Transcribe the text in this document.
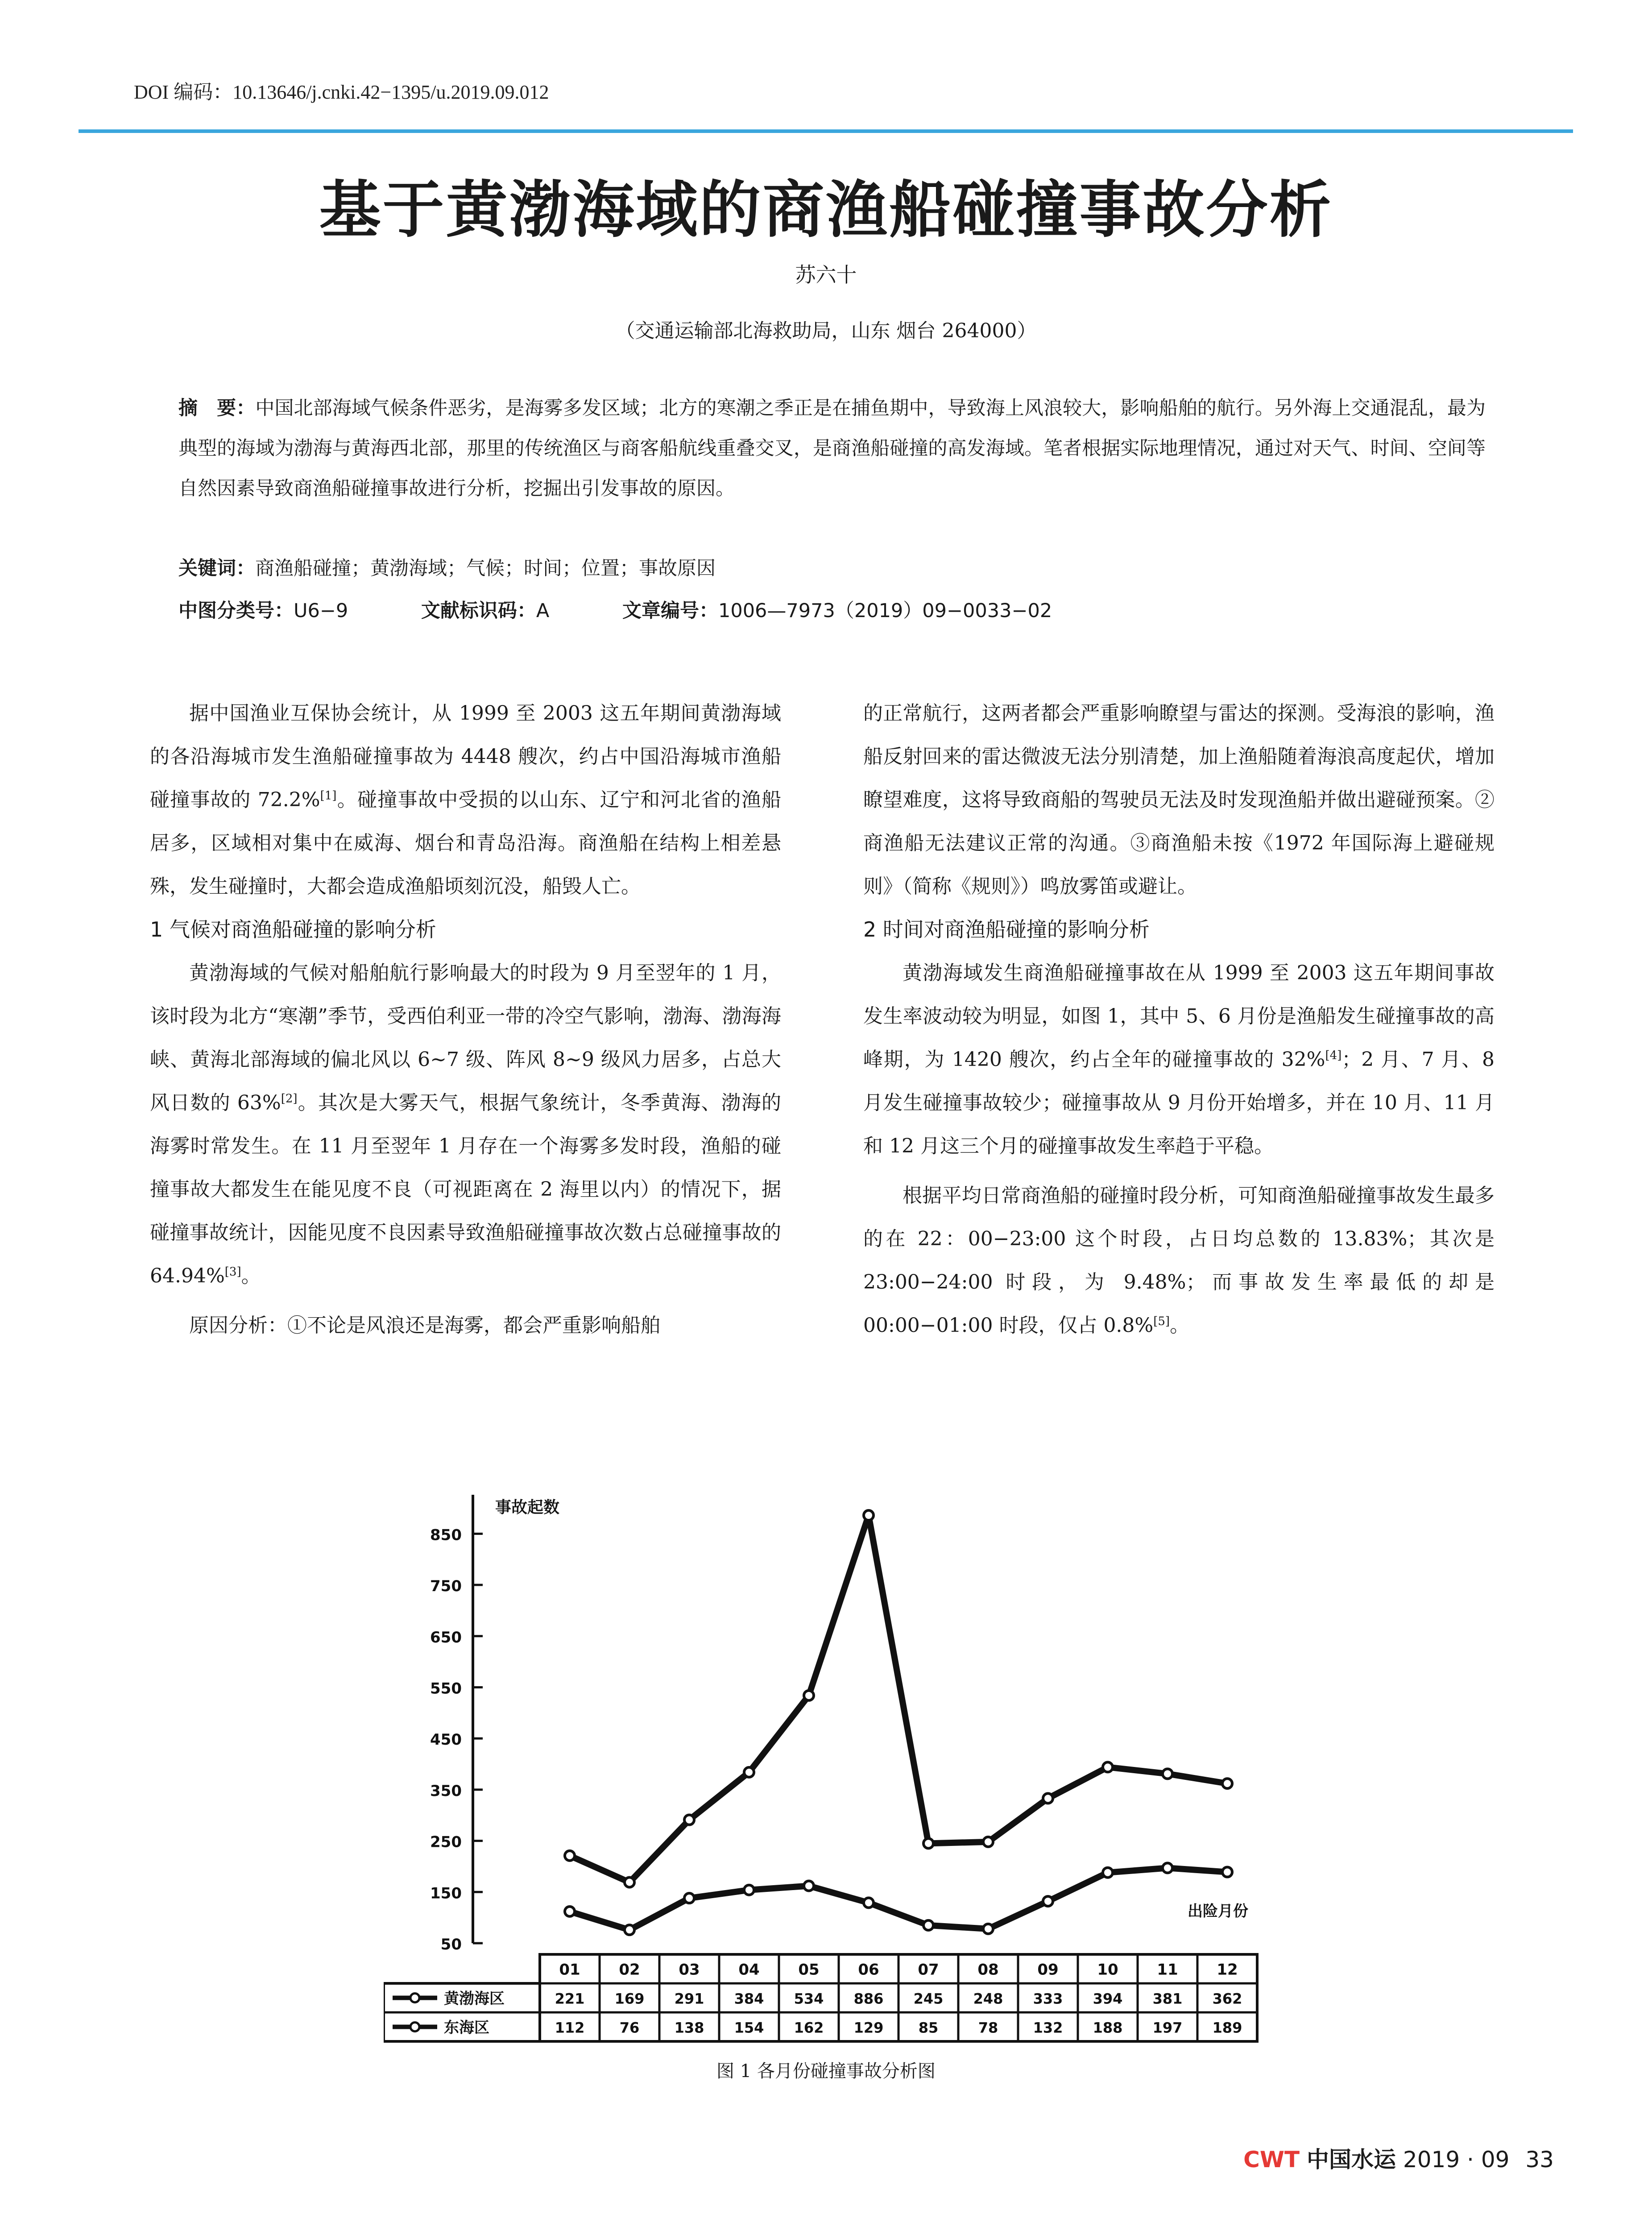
DOI 编码：10.13646/j.cnki.42−1395/u.2019.09.012
基于黄渤海域的商渔船碰撞事故分析
苏六十
（交通运输部北海救助局，山东 烟台 264000）
摘　要：中国北部海域气候条件恶劣，是海雾多发区域；北方的寒潮之季正是在捕鱼期中，导致海上风浪较大，影响船舶的航行。另外海上交通混乱，最为典型的海域为渤海与黄海西北部，那里的传统渔区与商客船航线重叠交叉，是商渔船碰撞的高发海域。笔者根据实际地理情况，通过对天气、时间、空间等自然因素导致商渔船碰撞事故进行分析，挖掘出引发事故的原因。
关键词：商渔船碰撞；黄渤海域；气候；时间；位置；事故原因
中图分类号：U6−9	文献标识码：A	文章编号：1006—7973（2019）09−0033−02

据中国渔业互保协会统计，从 1999 至 2003 这五年期间黄渤海域的各沿海城市发生渔船碰撞事故为 4448 艘次，约占中国沿海城市渔船碰撞事故的 72.2%[1]。碰撞事故中受损的以山东、辽宁和河北省的渔船居多，区域相对集中在威海、烟台和青岛沿海。商渔船在结构上相差悬殊，发生碰撞时，大都会造成渔船顷刻沉没，船毁人亡。

1 气候对商渔船碰撞的影响分析

黄渤海域的气候对船舶航行影响最大的时段为 9 月至翌年的 1 月，该时段为北方“寒潮”季节，受西伯利亚一带的冷空气影响，渤海、渤海海峡、黄海北部海域的偏北风以 6~7 级、阵风 8~9 级风力居多，占总大风日数的 63%[2]。其次是大雾天气，根据气象统计，冬季黄海、渤海的海雾时常发生。在 11 月至翌年 1 月存在一个海雾多发时段，渔船的碰撞事故大都发生在能见度不良（可视距离在 2 海里以内）的情况下，据碰撞事故统计，因能见度不良因素导致渔船碰撞事故次数占总碰撞事故的 64.94%[3]。

原因分析：①不论是风浪还是海雾，都会严重影响船舶

的正常航行，这两者都会严重影响瞭望与雷达的探测。受海浪的影响，渔船反射回来的雷达微波无法分别清楚，加上渔船随着海浪高度起伏，增加瞭望难度，这将导致商船的驾驶员无法及时发现渔船并做出避碰预案。②商渔船无法建议正常的沟通。③商渔船未按《1972 年国际海上避碰规则》（简称《规则》）鸣放雾笛或避让。

2 时间对商渔船碰撞的影响分析

黄渤海域发生商渔船碰撞事故在从 1999 至 2003 这五年期间事故发生率波动较为明显，如图 1，其中 5、6 月份是渔船发生碰撞事故的高峰期，为 1420 艘次，约占全年的碰撞事故的 32%[4]；2 月、7 月、8 月发生碰撞事故较少；碰撞事故从 9 月份开始增多，并在 10 月、11 月和 12 月这三个月的碰撞事故发生率趋于平稳。

根据平均日常商渔船的碰撞时段分析，可知商渔船碰撞事故发生最多的在 22：00−23:00 这个时段，占日均总数的 13.83%；其次是 23:00−24:00 时段，为 9.48%；而事故发生率最低的却是 00:00−01:00 时段，仅占 0.8%[5]。

50
150
250
350
450
550
650
750
850
事故起数
出险月份
01	02	03	04	05	06	07	08	09	10	11	12
黄渤海区	221 169 291 384 534 886 245 248 333 394 381 362
东海区	112 76 138 154 162 129 85	78 132 188 197 189
图 1 各月份碰撞事故分析图
CWT 中国水运 2019 · 09 33
